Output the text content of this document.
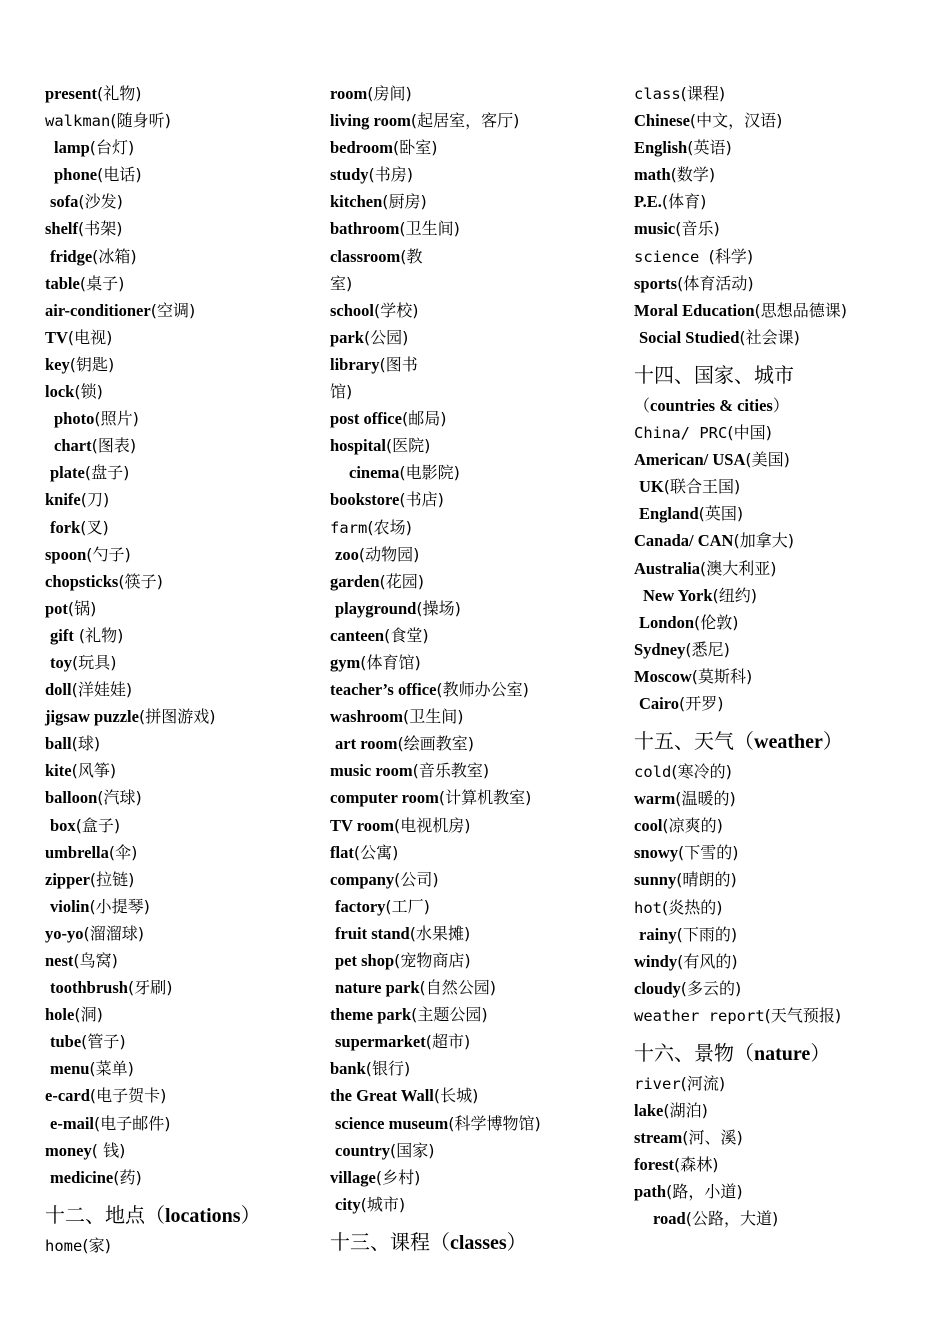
present(礼物)
walkman(随身听)
lamp(台灯)
phone(电话)
sofa(沙发)
shelf(书架)
fridge(冰箱)
table(桌子)
air-conditioner(空调)
TV(电视)
key(钥匙)
lock(锁)
photo(照片)
chart(图表)
plate(盘子)
knife(刀)
fork(叉)
spoon(勺子)
chopsticks(筷子)
pot(锅)
gift (礼物)
toy(玩具)
doll(洋娃娃)
jigsaw puzzle(拼图游戏)
ball(球)
kite(风筝)
balloon(汽球)
box(盒子)
umbrella(伞)
zipper(拉链)
violin(小提琴)
yo-yo(溜溜球)
nest(鸟窝)
toothbrush(牙刷)
hole(洞)
tube(管子)
menu(菜单)
e-card(电子贺卡)
e-mail(电子邮件)
money( 钱)
medicine(药)
十二、地点（locations）
home(家)
room(房间)
living room(起居室，客厅)
bedroom(卧室)
study(书房)
kitchen(厨房)
bathroom(卫生间)
classroom(教
室)
school(学校)
park(公园)
library(图书
馆)
post office(邮局)
hospital(医院)
cinema(电影院)
bookstore(书店)
farm(农场)
zoo(动物园)
garden(花园)
playground(操场)
canteen(食堂)
gym(体育馆)
teacher’s office(教师办公室)
washroom(卫生间)
art room(绘画教室)
music room(音乐教室)
computer room(计算机教室)
TV room(电视机房)
flat(公寓)
company(公司)
factory(工厂)
fruit stand(水果摊)
pet shop(宠物商店)
nature park(自然公园)
theme park(主题公园)
supermarket(超市)
bank(银行)
the Great Wall(长城)
science museum(科学博物馆)
country(国家)
village(乡村)
city(城市)
十三、课程（classes）
class(课程)
Chinese(中文，汉语)
English(英语)
math(数学)
P.E.(体育)
music(音乐)
science (科学)
sports(体育活动)
Moral Education(思想品德课)
Social Studied(社会课)
十四、国家、城市
（countries & cities）
China/ PRC(中国)
American/ USA(美国)
UK(联合王国)
England(英国)
Canada/ CAN(加拿大)
Australia(澳大利亚)
New York(纽约)
London(伦敦)
Sydney(悉尼)
Moscow(莫斯科)
Cairo(开罗)
十五、天气（weather）
cold(寒冷的)
warm(温暖的)
cool(凉爽的)
snowy(下雪的)
sunny(晴朗的)
hot(炎热的)
rainy(下雨的)
windy(有风的)
cloudy(多云的)
weather report(天气预报)
十六、景物（nature）
river(河流)
lake(湖泊)
stream(河、溪)
forest(森林)
path(路，小道)
road(公路，大道)
